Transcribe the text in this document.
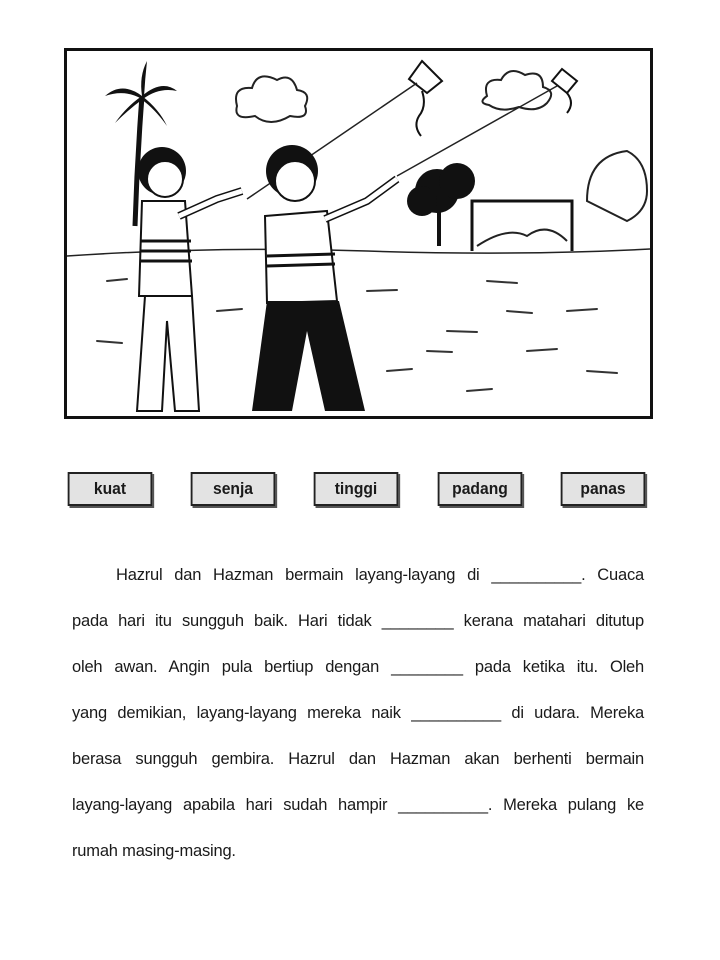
kuat	senja	tinggi	padang	panas
Hazrul dan Hazman bermain layang-layang di __________. Cuaca
pada hari itu sungguh baik. Hari tidak ________ kerana matahari ditutup
oleh awan. Angin pula bertiup dengan ________ pada ketika itu. Oleh
yang demikian, layang-layang mereka naik __________ di udara. Mereka
berasa sungguh gembira. Hazrul dan Hazman akan berhenti bermain
layang-layang apabila hari sudah hampir __________. Mereka pulang ke
rumah masing-masing.
